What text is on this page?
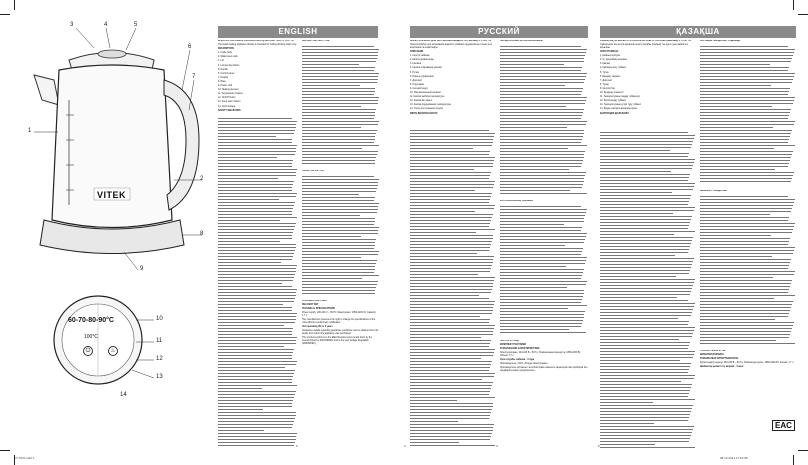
VITEK
60-70-80-90°C
100°C
⏻	♨
3	4	5
6
7
1
2
8
9
10
11
12
13
14
ENGLISH	РУССКИЙ	ҚАЗАҚША

ELECTRIC APPLIANCE FOR HEATING LIQUIDS (KETTLE) VT-7047 TR

The liquid heating appliance (kettle) is intended for boiling drinking water only.

DESCRIPTION

1. Kettle body

2. Water level mark

3. Lid

4. Lid opening button

5. Handle

6. Control panel

7. Display

8. Base

9. Power cord

10. Heating element

11. Temperature buttons

12. On/Off button

13. Keep warm button

14. Cord storage

SAFETY MEASURES

BEFORE THE FIRST USE

USING THE KETTLE

CLEANING AND CARE

DELIVERY SET

TECHNICAL SPECIFICATIONS

Power supply: 220-240 V ~ 50 Hz. Rated power: 1850-2200 W. Capacity: 1.7 L

The manufacturer preserves the right to change the specifications of the units without a preliminary notification.

Unit operating life is 3 years

Guarantee details regarding guarantee conditions can be obtained from the dealer from whom the appliance was purchased.

This product conforms to the EMC Requirements as laid down by the Council Directive 2004/108/EC and to the Low Voltage Regulation (2006/95/EC).

ЭЛЕКТРОПРИБОР ДЛЯ НАГРЕВАНИЯ ЖИДКОСТИ (ЧАЙНИК) VT-7047 TR

Электроприбор для нагревания жидкости (чайник) предназначен только для кипячения питьевой воды.

ОПИСАНИЕ

1. Корпус чайника

2. Шкала уровня воды

3. Крышка

4. Кнопка открывания крышки

5. Ручка

6. Панель управления

7. Дисплей

8. Подставка

9. Сетевой шнур

10. Нагревательный элемент

11. Кнопки выбора температуры

12. Кнопка вкл./выкл.

13. Кнопка поддержания температуры

14. Отсек для хранения шнура

МЕРЫ БЕЗОПАСНОСТИ

ПЕРЕД ПЕРВЫМ ИСПОЛЬЗОВАНИЕМ

ИСПОЛЬЗОВАНИЕ ЧАЙНИКА

ЧИСТКА И УХОД

КОМПЛЕКТ ПОСТАВКИ

ТЕХНИЧЕСКИЕ ХАРАКТЕРИСТИКИ

Электропитание: 220-240 В ~ 50 Гц. Номинальная мощность: 1850-2200 Вт. Объём: 1,7 л

Срок службы чайника - 3 года

Производитель: ООО «Голдер Электроникс»

Производитель оставляет за собой право изменять характеристики приборов без предварительного уведомления.

СҰЙЫҚТЫҚТЫ ЖЫЛЫТУҒА АРНАЛҒАН ЭЛЕКТР АСПАБЫ (ШӘЙНЕК) VT-7047 TR

Сұйықтықты жылытуға арналған электр аспабы (шәйнек) тек ауыз суды қайнатуға арналған.

СИПАТТАМАСЫ

1. Шәйнек корпусы

2. Су деңгейінің шкаласы

3. Қақпақ

4. Қақпақты ашу түймесі

5. Тұтқа

6. Басқару тақтасы

7. Дисплей

8. Тұғыр

9. Желілік бау

10. Қыздыру элементі

11. Температураны таңдау түймелері

12. Қосу/сөндіру түймесі

13. Температураны ұстап тұру түймесі

14. Бауды сақтауға арналған орын

ҚАУІПСІЗДІК ШАРАЛАРЫ

АЛҒАШҚЫ ПАЙДАЛАНУ АЛДЫНДА

ШӘЙНЕКТІ ПАЙДАЛАНУ

ТАЗАЛАУ ЖӘНЕ КҮТІМ

ЖИЫНТЫҚТЫЛЫҒЫ

ТЕХНИКАЛЫҚ СИПАТТАМАЛАРЫ

Қоректендіру кернеуі: 220-240 В ~ 50 Гц. Номиналды қуаты: 1850-2200 Вт. Көлемі: 1,7 л

Шәйнектің қызмет ету мерзімі - 3 жыл

EAC
2	3	4	5
VT-7047.indd 1	08.12.2014 17:10:05
